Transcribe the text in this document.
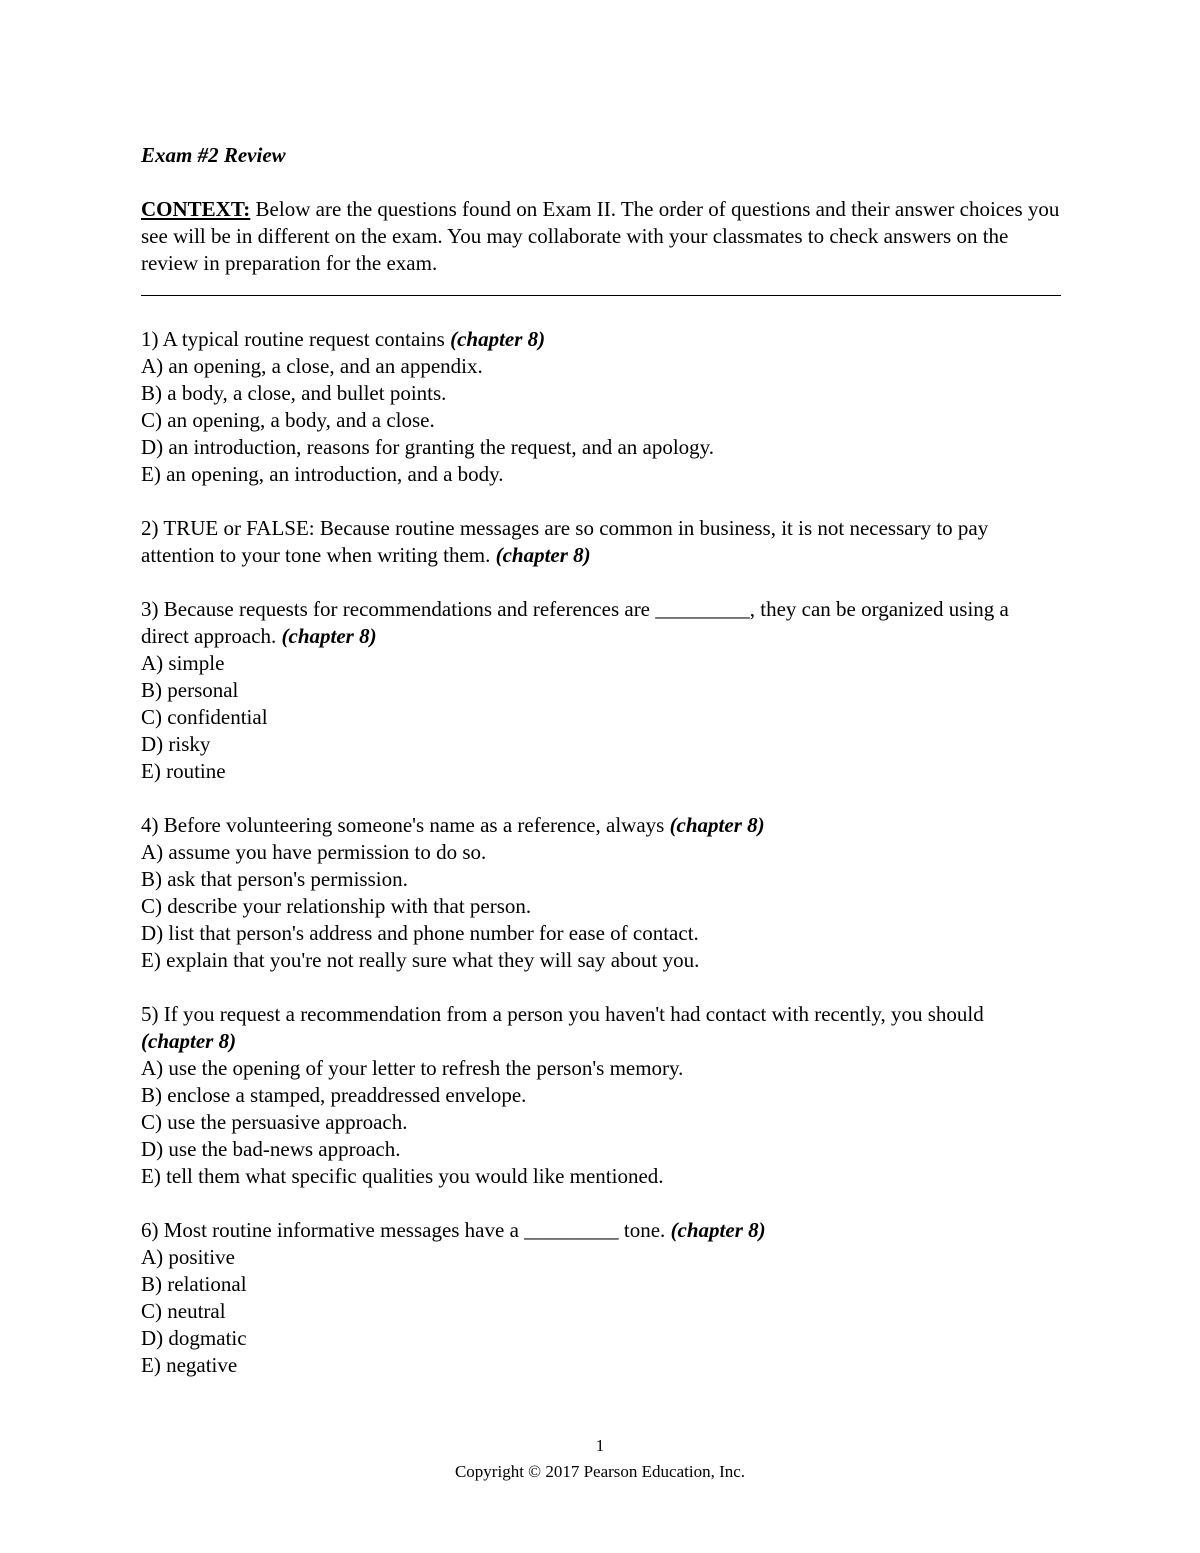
Exam #2 Review

CONTEXT: Below are the questions found on Exam II. The order of questions and their answer choices you see will be in different on the exam. You may collaborate with your classmates to check answers on the review in preparation for the exam.

1) A typical routine request contains (chapter 8)

A) an opening, a close, and an appendix.

B) a body, a close, and bullet points.

C) an opening, a body, and a close.

D) an introduction, reasons for granting the request, and an apology.

E) an opening, an introduction, and a body.

2) TRUE or FALSE: Because routine messages are so common in business, it is not necessary to pay attention to your tone when writing them. (chapter 8)

3) Because requests for recommendations and references are _________, they can be organized using a direct approach. (chapter 8)

A) simple

B) personal

C) confidential

D) risky

E) routine

4) Before volunteering someone's name as a reference, always (chapter 8)

A) assume you have permission to do so.

B) ask that person's permission.

C) describe your relationship with that person.

D) list that person's address and phone number for ease of contact.

E) explain that you're not really sure what they will say about you.

5) If you request a recommendation from a person you haven't had contact with recently, you should (chapter 8)

A) use the opening of your letter to refresh the person's memory.

B) enclose a stamped, preaddressed envelope.

C) use the persuasive approach.

D) use the bad-news approach.

E) tell them what specific qualities you would like mentioned.

6) Most routine informative messages have a _________ tone. (chapter 8)

A) positive

B) relational

C) neutral

D) dogmatic

E) negative

1
Copyright © 2017 Pearson Education, Inc.
